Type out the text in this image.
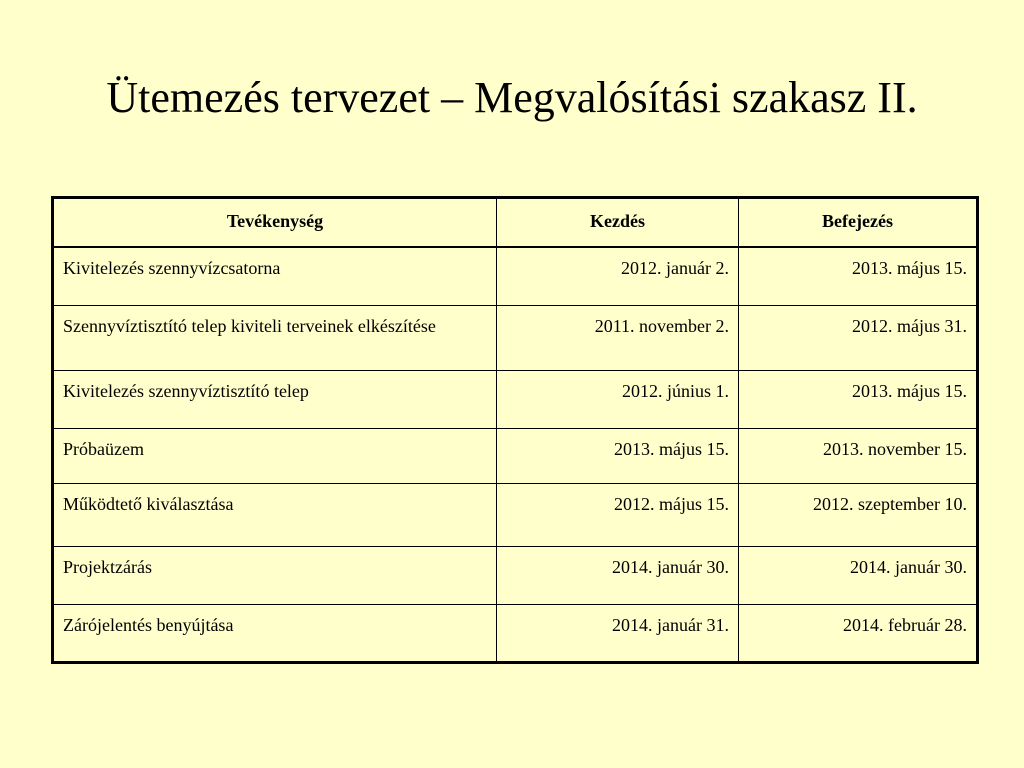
Ütemezés tervezet – Megvalósítási szakasz II.
Tevékenység	Kezdés	Befejezés
Kivitelezés szennyvízcsatorna	2012. január 2.	2013. május 15.
Szennyvíztisztító telep kiviteli terveinek elkészítése	2011. november 2.	2012. május 31.
Kivitelezés szennyvíztisztító telep	2012. június 1.	2013. május 15.
Próbaüzem	2013. május 15.	2013. november 15.
Működtető kiválasztása	2012. május 15.	2012. szeptember 10.
Projektzárás	2014. január 30.	2014. január 30.
Zárójelentés benyújtása	2014. január 31.	2014. február 28.
